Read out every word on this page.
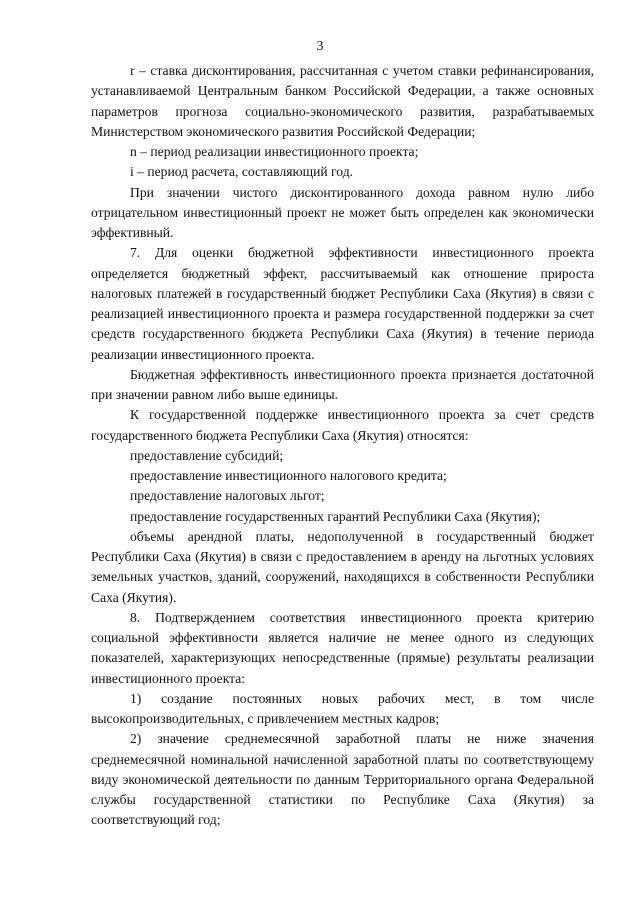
3

r – ставка дисконтирования, рассчитанная с учетом ставки рефинансирования, устанавливаемой Центральным банком Российской Федерации, а также основных параметров прогноза социально-экономического развития, разрабатываемых Министерством экономического развития Российской Федерации;

n – период реализации инвестиционного проекта;

i – период расчета, составляющий год.

При значении чистого дисконтированного дохода равном нулю либо отрицательном инвестиционный проект не может быть определен как экономически эффективный.

7. Для оценки бюджетной эффективности инвестиционного проекта определяется бюджетный эффект, рассчитываемый как отношение прироста налоговых платежей в государственный бюджет Республики Саха (Якутия) в связи с реализацией инвестиционного проекта и размера государственной поддержки за счет средств государственного бюджета Республики Саха (Якутия) в течение периода реализации инвестиционного проекта.

Бюджетная эффективность инвестиционного проекта признается достаточной при значении равном либо выше единицы.

К государственной поддержке инвестиционного проекта за счет средств государственного бюджета Республики Саха (Якутия) относятся:

предоставление субсидий;

предоставление инвестиционного налогового кредита;

предоставление налоговых льгот;

предоставление государственных гарантий Республики Саха (Якутия);

объемы арендной платы, недополученной в государственный бюджет Республики Саха (Якутия) в связи с предоставлением в аренду на льготных условиях земельных участков, зданий, сооружений, находящихся в собственности Республики Саха (Якутия).

8. Подтверждением соответствия инвестиционного проекта критерию социальной эффективности является наличие не менее одного из следующих показателей, характеризующих непосредственные (прямые) результаты реализации инвестиционного проекта:

1) создание постоянных новых рабочих мест, в том числе высокопроизводительных, с привлечением местных кадров;

2) значение среднемесячной заработной платы не ниже значения среднемесячной номинальной начисленной заработной платы по соответствующему виду экономической деятельности по данным Территориального органа Федеральной службы государственной статистики по Республике Саха (Якутия) за соответствующий год;
